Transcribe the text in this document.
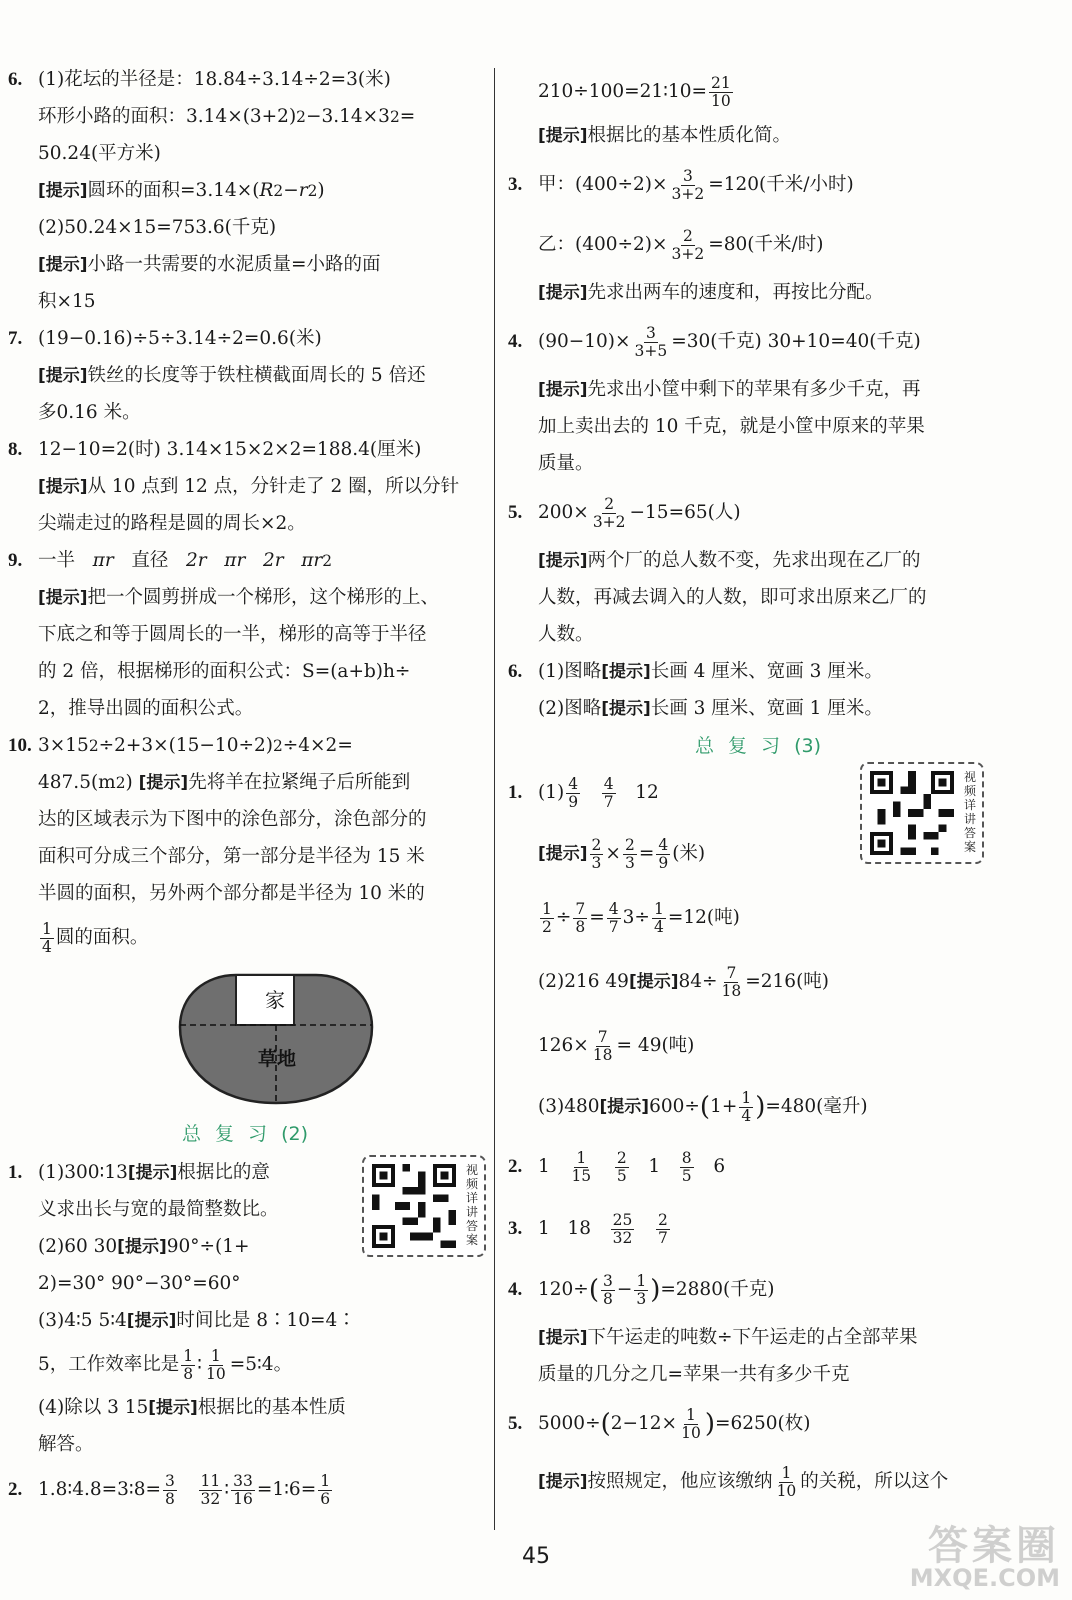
6. (1)花坛的半径是：18.84÷3.14÷2=3(米)
环形小路的面积：3.14×(3+2) 2 −3.14×3 2 =
50.24(平方米)
[提示] 圆环的面积=3.14×( R 2 − r 2 )
(2)50.24×15=753.6(千克)
[提示] 小路一共需要的水泥质量=小路的面
积×15
7. (19−0.16)÷5÷3.14÷2=0.6(米)
[提示] 铁丝的长度等于铁柱横截面周长的 5 倍还
多0.16 米。
8. 12−10=2(时) 3.14×15×2×2=188.4(厘米)
[提示] 从 10 点到 12 点，分针走了 2 圈，所以分针
尖端走过的路程是圆的周长×2。
9. 一半
πr
直径
2r
πr
2r
πr 2
[提示] 把一个圆剪拼成一个梯形，这个梯形的上、
下底之和等于圆周长的一半，梯形的高等于半径
的 2 倍，根据梯形的面积公式：S=(a+b)h÷
2，推导出圆的面积公式。
10. 3×15 2 ÷2+3×(15−10÷2) 2 ÷4×2=
487.5(m 2 )
[提示] 先将羊在拉紧绳子后所能到
达的区域表示为下图中的涂色部分，涂色部分的
面积可分成三个部分，第一部分是半径为 15 米
半圆的面积，另外两个部分都是半径为 10 米的
$\frac{1}{4}$ 圆的面积。
家
草地
总复习(2)
视频详讲答案
1. (1)300∶13 [提示] 根据比的意
义求出长与宽的最简整数比。
(2)60 30 [提示] 90°÷(1+
2)=30° 90°−30°=60°
(3)4∶5 5∶4 [提示] 时间比是 8∶10=4∶
5，工作效率比是 $\frac{1}{8}$ ∶ $\frac{1}{10}$ =5∶4。
(4)除以 3 15 [提示] 根据比的基本性质
解答。
2. 1.8∶4.8=3∶8= $\frac{3}{8}$
$\frac{11}{32}$ ∶ $\frac{33}{16}$ =1∶6= $\frac{1}{6}$
210÷100=21∶10= $\frac{21}{10}$
[提示] 根据比的基本性质化简。
3. 甲：$(400\div 2)\times \frac{3}{3+2} =120$(千米/小时)
乙：$(400\div 2)\times \frac{2}{3+2} =80$(千米/时)
[提示] 先求出两车的速度和，再按比分配。
4. $(90-10)\times \frac{3}{3+5} =30$(千克) 30+10=40(千克)
[提示] 先求出小筐中剩下的苹果有多少千克，再
加上卖出去的 10 千克，就是小筐中原来的苹果
质量。
5. $200\times \frac{2}{3+2} -15=65$(人)
[提示] 两个厂的总人数不变，先求出现在乙厂的
人数，再减去调入的人数，即可求出原来乙厂的
人数。
6. (1)图略 [提示] 长画 4 厘米、宽画 3 厘米。
(2)图略 [提示] 长画 3 厘米、宽画 1 厘米。
总复习(3)
视频详讲答案
1. $(1) \frac{4}{9}$
$\frac{4}{7}$
12
[提示] $\frac{2}{3} \times \frac{2}{3} = \frac{4}{9}$ (米)
$\frac{1}{2} \div \frac{7}{8} = \frac{4}{7} 3\div \frac{1}{4} =12$(吨)
(2)216 49 [提示] $84\div \frac{7}{18} =216$(吨)
$126\times \frac{7}{18} = 49$(吨)
(3)480 [提示] 600÷ ( $1+ \frac{1}{4}$ ) =480(毫升)
2. 1
$\frac{1}{15}$
$\frac{2}{5}$
1
$\frac{8}{5}$
6
3. 1
18
$\frac{25}{32}$
$\frac{2}{7}$
4. 120÷ ( $\frac{3}{8} - \frac{1}{3}$ ) =2880(千克)
[提示] 下午运走的吨数÷下午运走的占全部苹果
质量的几分之几=苹果一共有多少千克
5. 5000÷ ( $2-12\times \frac{1}{10}$ ) =6250(枚)
[提示] 按照规定，他应该缴纳 $\frac{1}{10}$ 的关税，所以这个
45	答案圈
MXQE.COM
